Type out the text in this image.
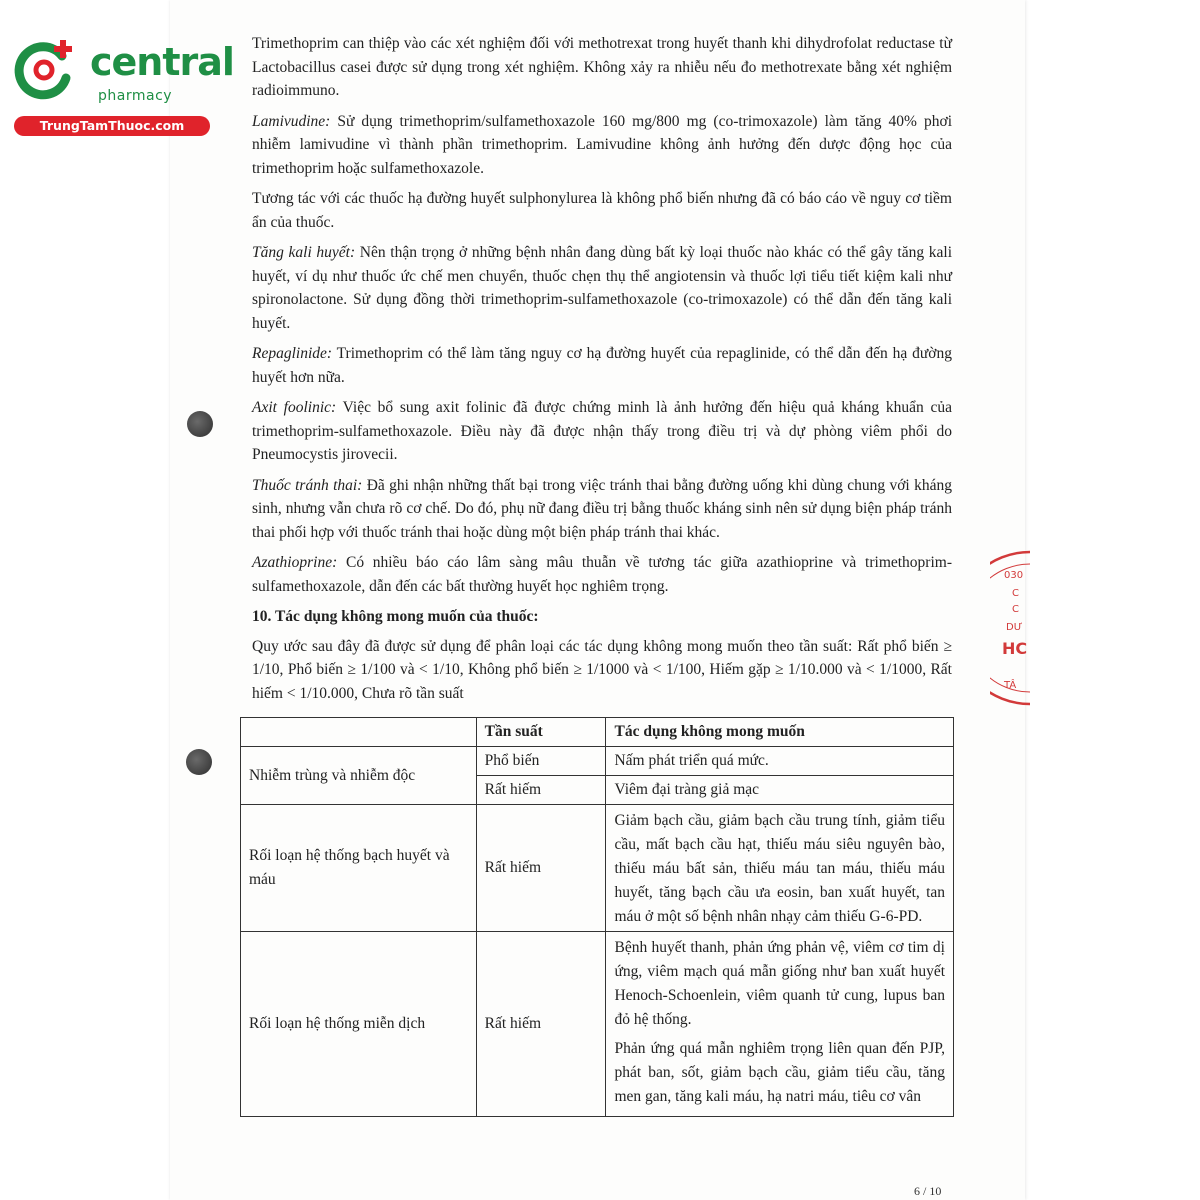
central
pharmacy
TrungTamThuoc.com

Trimethoprim can thiệp vào các xét nghiệm đối với methotrexat trong huyết thanh khi dihydrofolat reductase từ Lactobacillus casei được sử dụng trong xét nghiệm. Không xảy ra nhiễu nếu đo methotrexate bằng xét nghiệm radioimmuno.

Lamivudine: Sử dụng trimethoprim/sulfamethoxazole 160 mg/800 mg (co-trimoxazole) làm tăng 40% phơi nhiễm lamivudine vì thành phần trimethoprim. Lamivudine không ảnh hưởng đến dược động học của trimethoprim hoặc sulfamethoxazole.

Tương tác với các thuốc hạ đường huyết sulphonylurea là không phổ biến nhưng đã có báo cáo về nguy cơ tiềm ẩn của thuốc.

Tăng kali huyết: Nên thận trọng ở những bệnh nhân đang dùng bất kỳ loại thuốc nào khác có thể gây tăng kali huyết, ví dụ như thuốc ức chế men chuyển, thuốc chẹn thụ thể angiotensin và thuốc lợi tiểu tiết kiệm kali như spironolactone. Sử dụng đồng thời trimethoprim-sulfamethoxazole (co-trimoxazole) có thể dẫn đến tăng kali huyết.

Repaglinide: Trimethoprim có thể làm tăng nguy cơ hạ đường huyết của repaglinide, có thể dẫn đến hạ đường huyết hơn nữa.

Axit foolinic: Việc bổ sung axit folinic đã được chứng minh là ảnh hưởng đến hiệu quả kháng khuẩn của trimethoprim-sulfamethoxazole. Điều này đã được nhận thấy trong điều trị và dự phòng viêm phổi do Pneumocystis jirovecii.

Thuốc tránh thai: Đã ghi nhận những thất bại trong việc tránh thai bằng đường uống khi dùng chung với kháng sinh, nhưng vẫn chưa rõ cơ chế. Do đó, phụ nữ đang điều trị bằng thuốc kháng sinh nên sử dụng biện pháp tránh thai phối hợp với thuốc tránh thai hoặc dùng một biện pháp tránh thai khác.

Azathioprine: Có nhiều báo cáo lâm sàng mâu thuẫn về tương tác giữa azathioprine và trimethoprim-sulfamethoxazole, dẫn đến các bất thường huyết học nghiêm trọng.

10. Tác dụng không mong muốn của thuốc:

Quy ước sau đây đã được sử dụng để phân loại các tác dụng không mong muốn theo tần suất: Rất phổ biến ≥ 1/10, Phổ biến ≥ 1/100 và < 1/10, Không phổ biến ≥ 1/1000 và < 1/100, Hiếm gặp ≥ 1/10.000 và < 1/1000, Rất hiếm < 1/10.000, Chưa rõ tần suất

	Tần suất	Tác dụng không mong muốn
Nhiễm trùng và nhiễm độc	Phổ biến	Nấm phát triển quá mức.
	Rất hiếm	Viêm đại tràng giả mạc
Rối loạn hệ thống bạch huyết và máu	Rất hiếm	Giảm bạch cầu, giảm bạch cầu trung tính, giảm tiểu cầu, mất bạch cầu hạt, thiếu máu siêu nguyên bào, thiếu máu bất sản, thiếu máu tan máu, thiếu máu huyết, tăng bạch cầu ưa eosin, ban xuất huyết, tan máu ở một số bệnh nhân nhạy cảm thiếu G-6-PD.
Rối loạn hệ thống miễn dịch	Rất hiếm	Bệnh huyết thanh, phản ứng phản vệ, viêm cơ tim dị ứng, viêm mạch quá mẫn giống như ban xuất huyết Henoch-Schoenlein, viêm quanh tử cung, lupus ban đỏ hệ thống.

Phản ứng quá mẫn nghiêm trọng liên quan đến PJP, phát ban, sốt, giảm bạch cầu, giảm tiểu cầu, tăng men gan, tăng kali máu, hạ natri máu, tiêu cơ vân

030
C
C
DƯ
HC
TÂ
6 / 10
